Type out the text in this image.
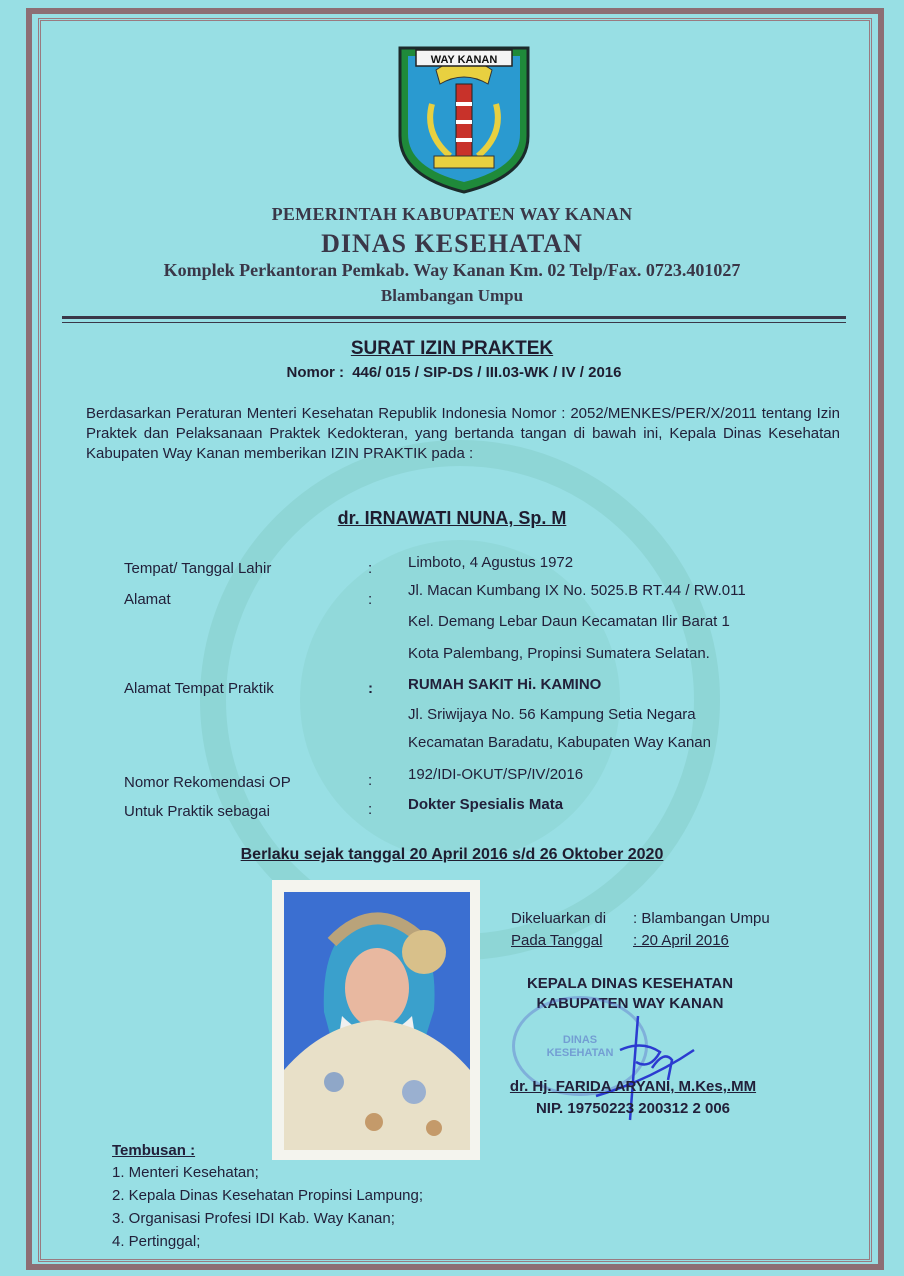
WAY KANAN
PEMERINTAH KABUPATEN WAY KANAN
DINAS KESEHATAN
Komplek Perkantoran Pemkab. Way Kanan Km. 02 Telp/Fax. 0723.401027
Blambangan Umpu
SURAT IZIN PRAKTEK
Nomor : 446/ 015 / SIP-DS / III.03-WK / IV / 2016
Berdasarkan Peraturan Menteri Kesehatan Republik Indonesia Nomor : 2052/MENKES/PER/X/2011 tentang Izin Praktek dan Pelaksanaan Praktek Kedokteran, yang bertanda tangan di bawah ini, Kepala Dinas Kesehatan Kabupaten Way Kanan memberikan IZIN PRAKTIK pada :
dr. IRNAWATI NUNA, Sp. M
Tempat/ Tanggal Lahir	: Limboto, 4 Agustus 1972
Alamat	:
Jl. Macan Kumbang IX No. 5025.B RT.44 / RW.011
Kel. Demang Lebar Daun Kecamatan Ilir Barat 1
Kota Palembang, Propinsi Sumatera Selatan.
Alamat Tempat Praktik	: RUMAH SAKIT Hi. KAMINO
Jl. Sriwijaya No. 56 Kampung Setia Negara
Kecamatan Baradatu, Kabupaten Way Kanan
Nomor Rekomendasi OP	: 192/IDI-OKUT/SP/IV/2016
Untuk Praktik sebagai	: Dokter Spesialis Mata
Berlaku sejak tanggal 20 April 2016 s/d 26 Oktober 2020
Dikeluarkan di : Blambangan Umpu
Pada Tanggal : 20 April 2016
KEPALA DINAS KESEHATAN
KABUPATEN WAY KANAN
DINAS
KESEHATAN
dr. Hj. FARIDA ARYANI, M.Kes,.MM
NIP. 19750223 200312 2 006
Tembusan :
1. Menteri Kesehatan;
2. Kepala Dinas Kesehatan Propinsi Lampung;
3. Organisasi Profesi IDI Kab. Way Kanan;
4. Pertinggal;
